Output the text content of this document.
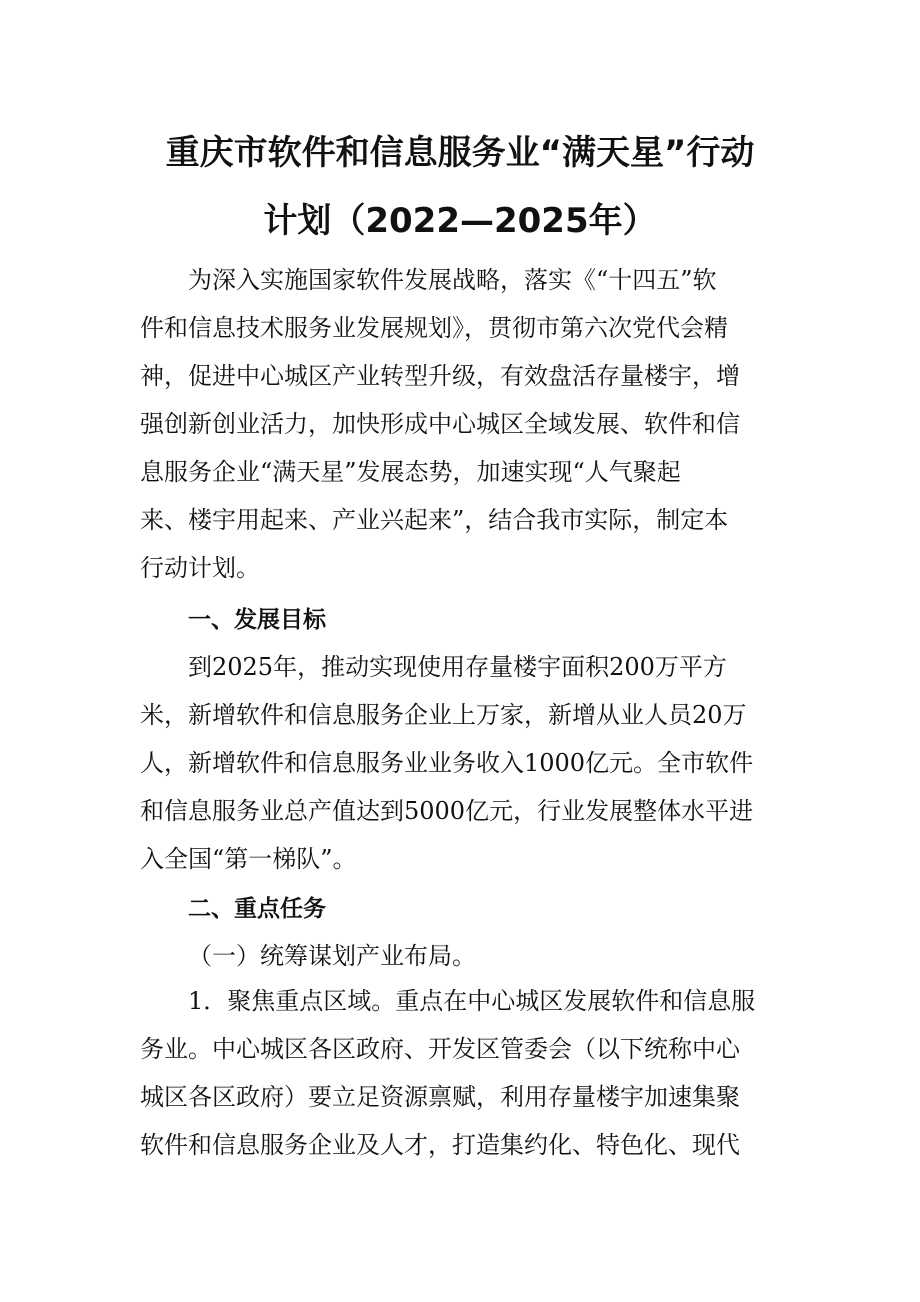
重庆市软件和信息服务业“满天星”行动
计划（2022—2025年）
为深入实施国家软件发展战略，落实《“十四五”软
件和信息技术服务业发展规划》，贯彻市第六次党代会精
神，促进中心城区产业转型升级，有效盘活存量楼宇，增
强创新创业活力，加快形成中心城区全域发展、软件和信
息服务企业“满天星”发展态势，加速实现“人气聚起
来、楼宇用起来、产业兴起来”，结合我市实际，制定本
行动计划。
一、发展目标
到2025年，推动实现使用存量楼宇面积200万平方
米，新增软件和信息服务企业上万家，新增从业人员20万
人，新增软件和信息服务业业务收入1000亿元。全市软件
和信息服务业总产值达到5000亿元，行业发展整体水平进
入全国“第一梯队”。
二、重点任务
（一）统筹谋划产业布局。
1．聚焦重点区域。重点在中心城区发展软件和信息服
务业。中心城区各区政府、开发区管委会（以下统称中心
城区各区政府）要立足资源禀赋，利用存量楼宇加速集聚
软件和信息服务企业及人才，打造集约化、特色化、现代
